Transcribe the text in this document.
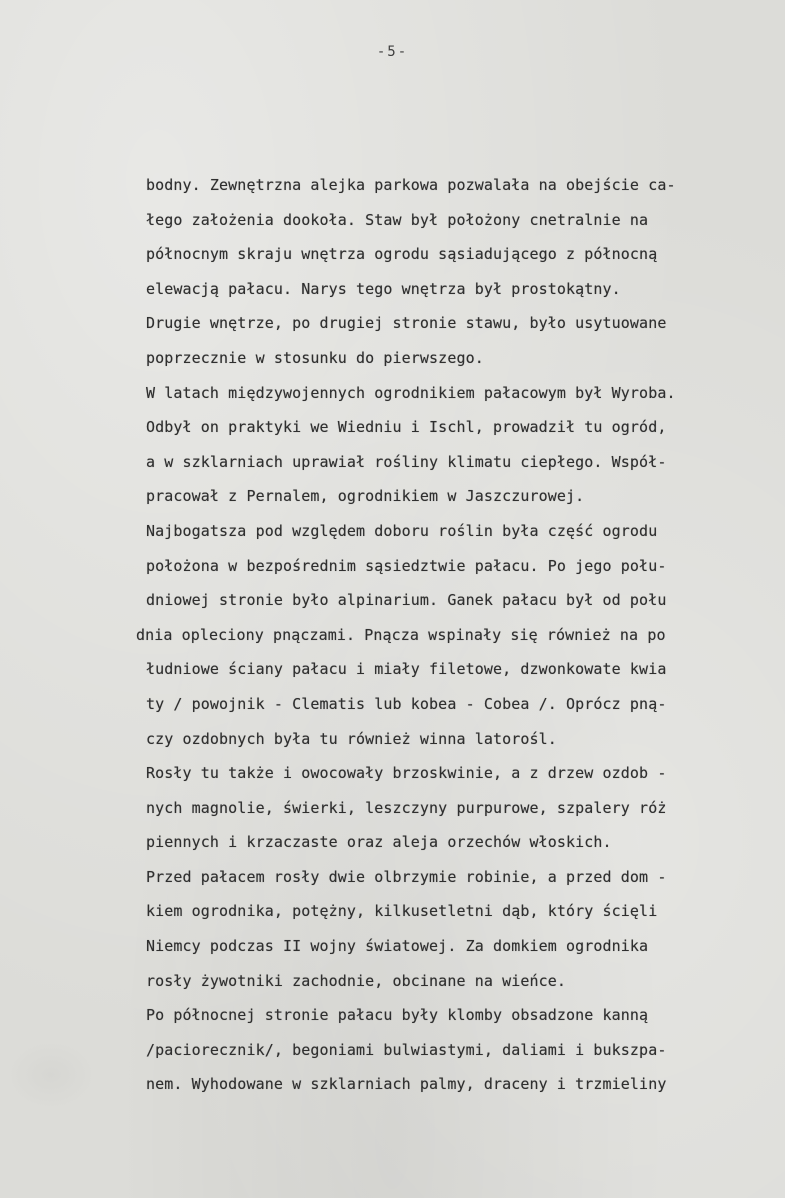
-5-
bodny. Zewnętrzna alejka parkowa pozwalała na obejście ca-
łego założenia dookoła. Staw był położony cnetralnie na
północnym skraju wnętrza ogrodu sąsiadującego z północną
elewacją pałacu. Narys tego wnętrza był prostokątny.
Drugie wnętrze, po drugiej stronie stawu, było usytuowane
poprzecznie w stosunku do pierwszego.
W latach międzywojennych ogrodnikiem pałacowym był Wyroba.
Odbył on praktyki we Wiedniu i Ischl, prowadził tu ogród,
a w szklarniach uprawiał rośliny klimatu ciepłego. Współ-
pracował z Pernalem, ogrodnikiem w Jaszczurowej.
Najbogatsza pod względem doboru roślin była część ogrodu
położona w bezpośrednim sąsiedztwie pałacu. Po jego połu-
dniowej stronie było alpinarium. Ganek pałacu był od połu
dnia opleciony pnączami. Pnącza wspinały się również na po
łudniowe ściany pałacu i miały filetowe, dzwonkowate kwia
ty / powojnik - Clematis lub kobea - Cobea /. Oprócz pną-
czy ozdobnych była tu również winna latorośl.
Rosły tu także i owocowały brzoskwinie, a z drzew ozdob -
nych magnolie, świerki, leszczyny purpurowe, szpalery róż
piennych i krzaczaste oraz aleja orzechów włoskich.
Przed pałacem rosły dwie olbrzymie robinie, a przed dom -
kiem ogrodnika, potężny, kilkusetletni dąb, który ścięli
Niemcy podczas II wojny światowej. Za domkiem ogrodnika
rosły żywotniki zachodnie, obcinane na wieńce.
Po północnej stronie pałacu były klomby obsadzone kanną
/paciorecznik/, begoniami bulwiastymi, daliami i bukszpa-
nem. Wyhodowane w szklarniach palmy, draceny i trzmieliny
